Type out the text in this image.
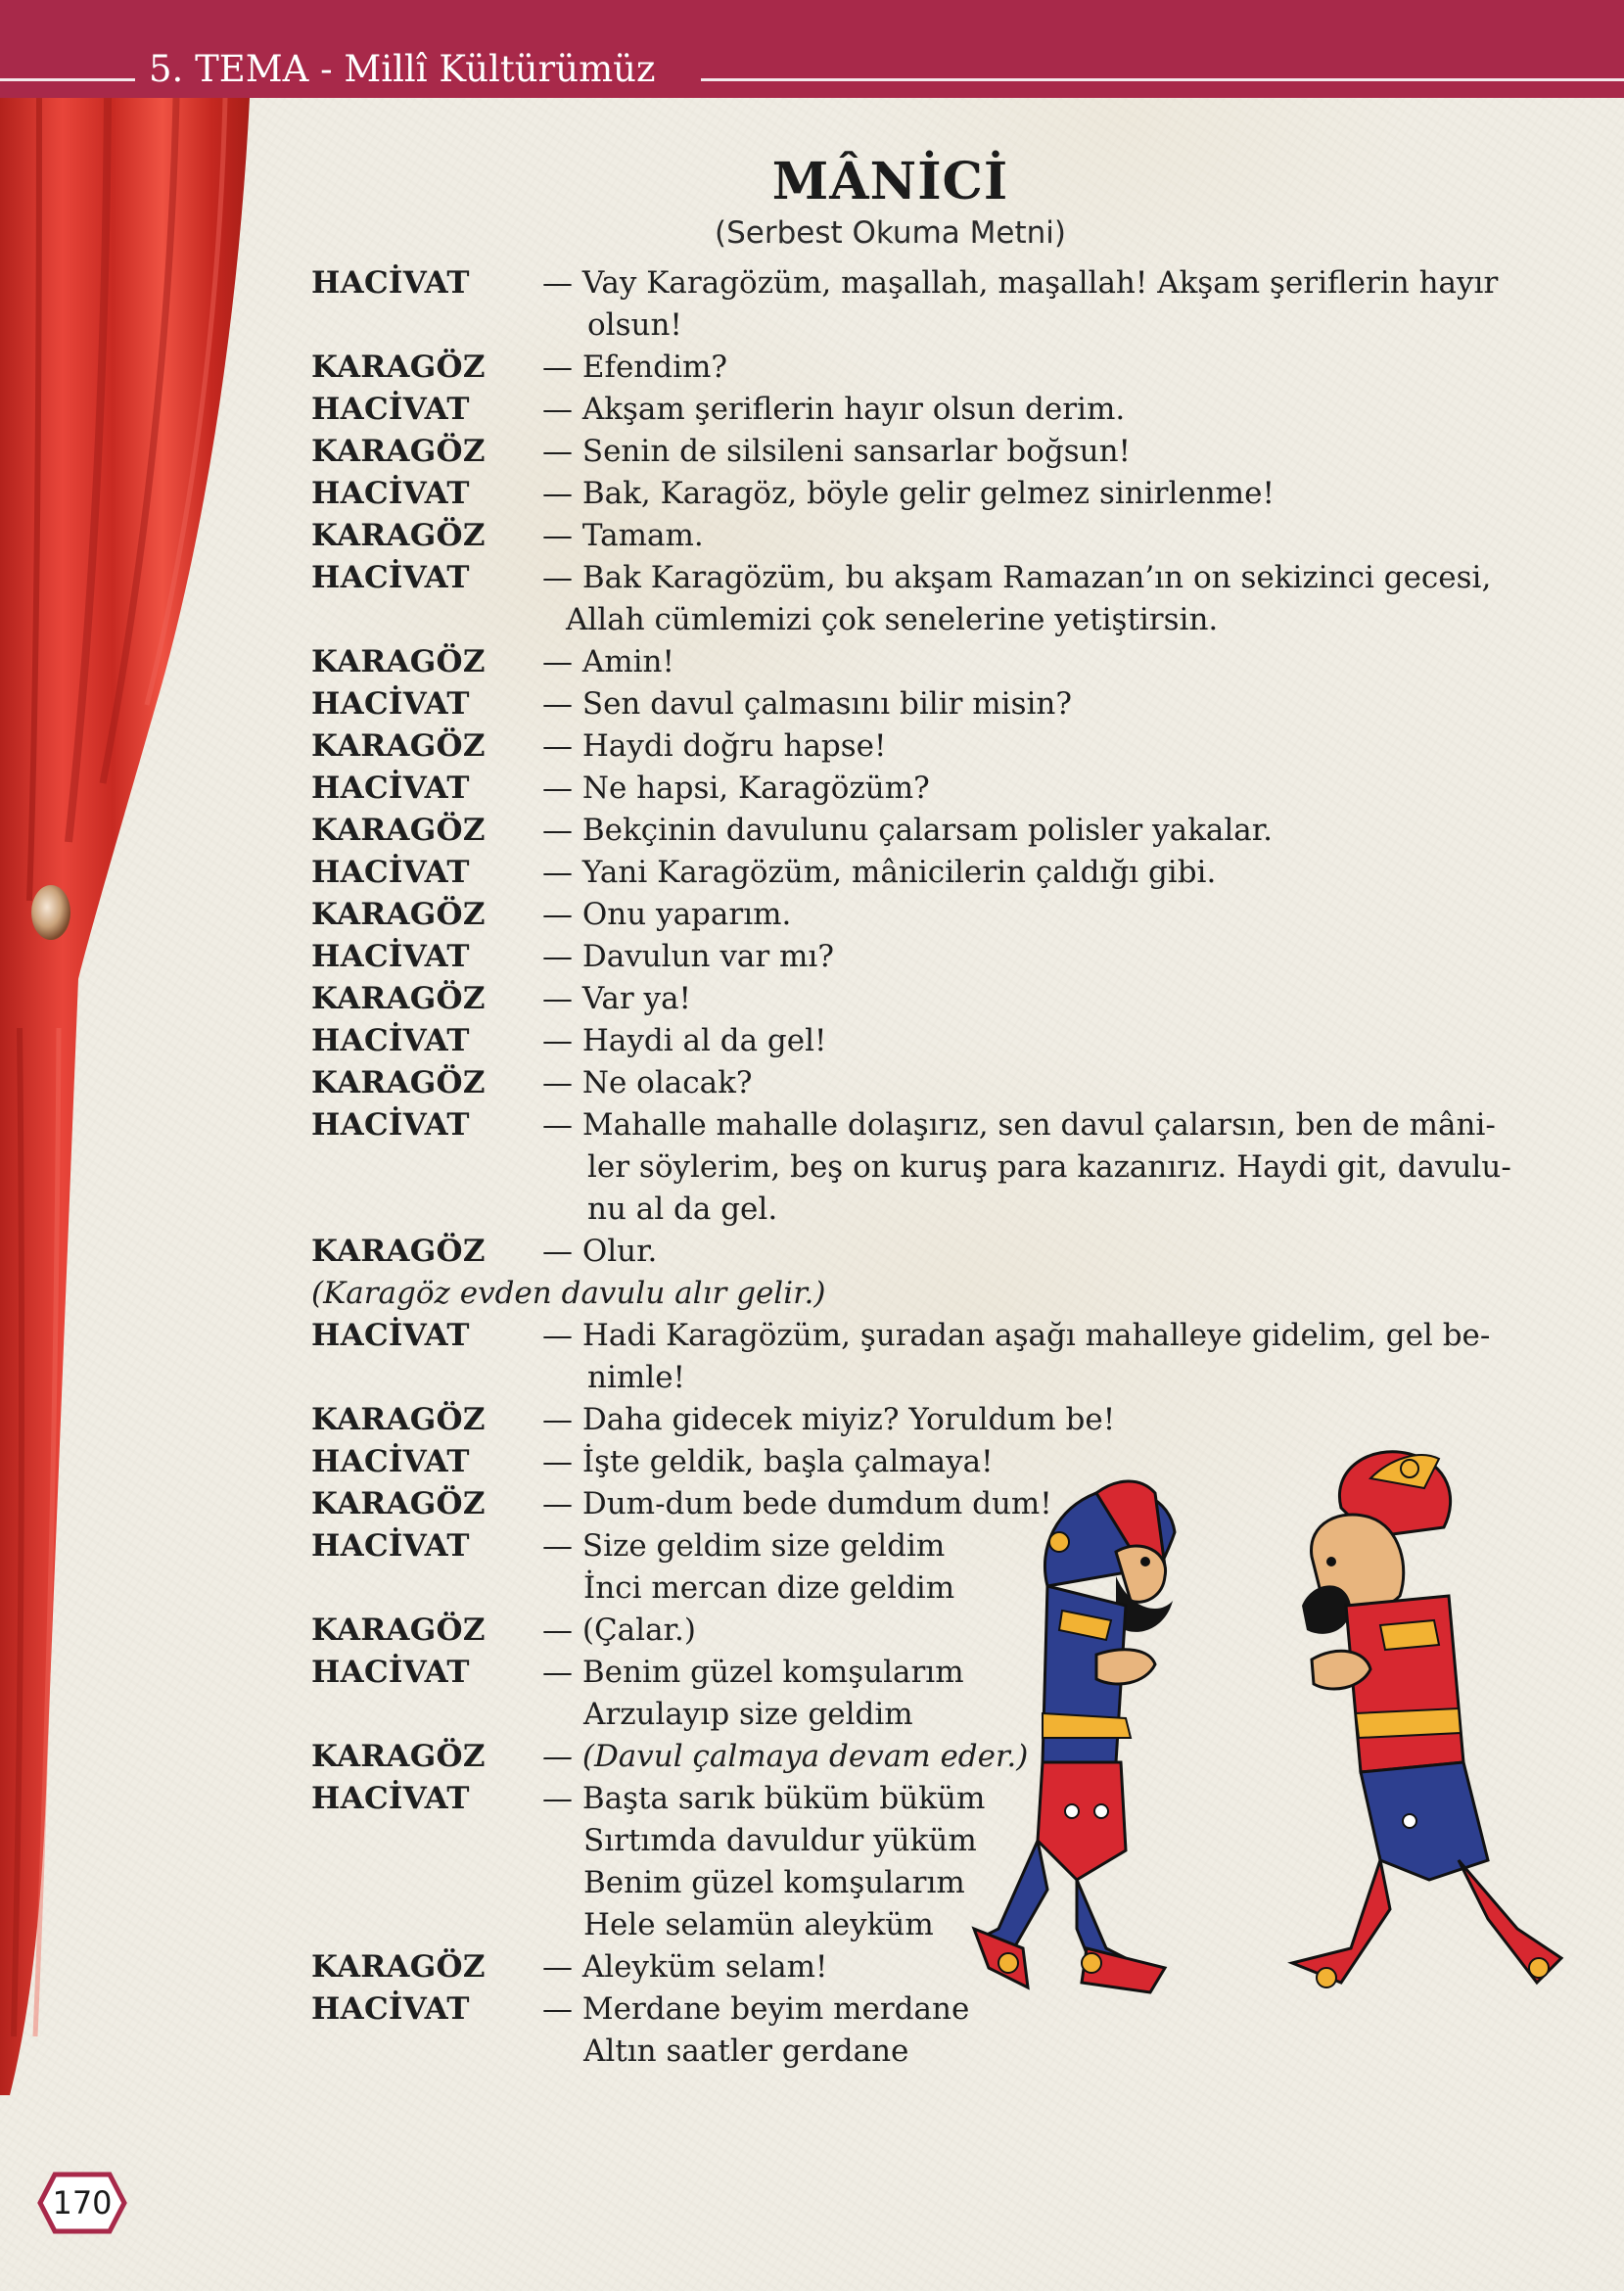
5. TEMA - Millî Kültürümüz
MÂNİCİ
(Serbest Okuma Metni)
HACİVAT — Vay Karagözüm, maşallah, maşallah! Akşam şeriflerin hayır
olsun!
KARAGÖZ — Efendim?
HACİVAT — Akşam şeriflerin hayır olsun derim.
KARAGÖZ — Senin de silsileni sansarlar boğsun!
HACİVAT — Bak, Karagöz, böyle gelir gelmez sinirlenme!
KARAGÖZ — Tamam.
HACİVAT — Bak Karagözüm, bu akşam Ramazan’ın on sekizinci gecesi,
Allah cümlemizi çok senelerine yetiştirsin.
KARAGÖZ — Amin!
HACİVAT — Sen davul çalmasını bilir misin?
KARAGÖZ — Haydi doğru hapse!
HACİVAT — Ne hapsi, Karagözüm?
KARAGÖZ — Bekçinin davulunu çalarsam polisler yakalar.
HACİVAT — Yani Karagözüm, mânicilerin çaldığı gibi.
KARAGÖZ — Onu yaparım.
HACİVAT — Davulun var mı?
KARAGÖZ — Var ya!
HACİVAT — Haydi al da gel!
KARAGÖZ — Ne olacak?
HACİVAT — Mahalle mahalle dolaşırız, sen davul çalarsın, ben de mâni-
ler söylerim, beş on kuruş para kazanırız. Haydi git, davulu-
nu al da gel.
KARAGÖZ — Olur.
(Karagöz evden davulu alır gelir.)
HACİVAT — Hadi Karagözüm, şuradan aşağı mahalleye gidelim, gel be-
nimle!
KARAGÖZ — Daha gidecek miyiz? Yoruldum be!
HACİVAT — İşte geldik, başla çalmaya!
KARAGÖZ — Dum-dum bede dumdum dum!
HACİVAT — Size geldim size geldim
İnci mercan dize geldim
KARAGÖZ — (Çalar.)
HACİVAT — Benim güzel komşularım
Arzulayıp size geldim
KARAGÖZ — (Davul çalmaya devam eder.)
HACİVAT — Başta sarık büküm büküm
Sırtımda davuldur yüküm
Benim güzel komşularım
Hele selamün aleyküm
KARAGÖZ — Aleyküm selam!
HACİVAT — Merdane beyim merdane
Altın saatler gerdane
170
